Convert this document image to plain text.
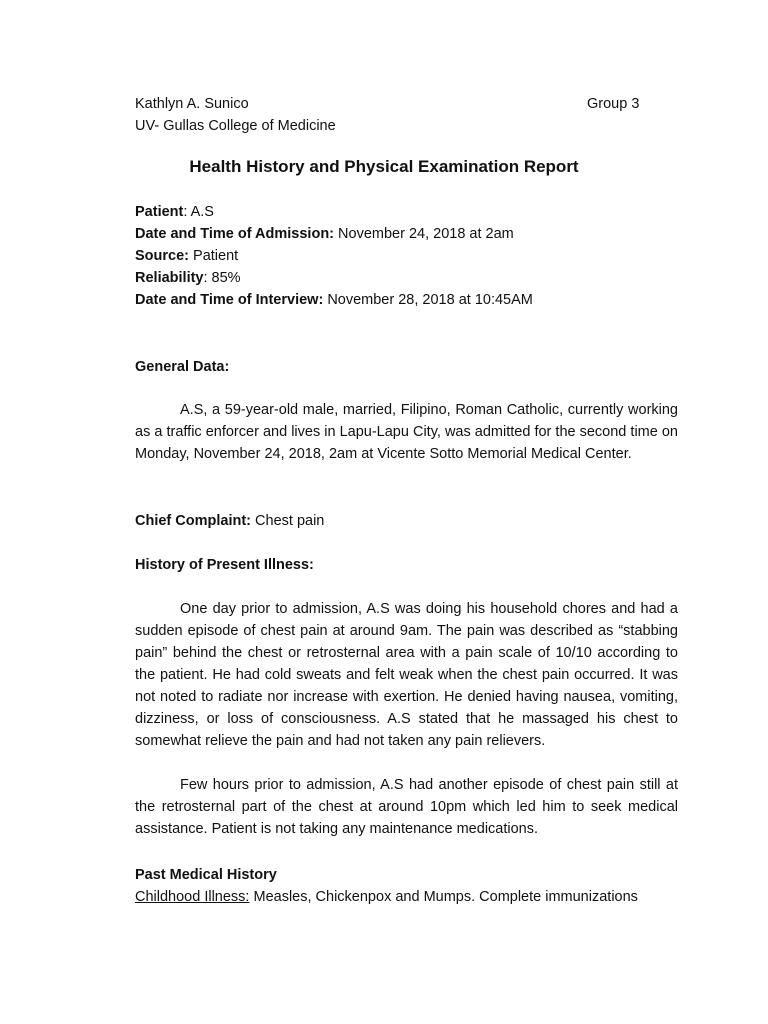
Kathlyn A. Sunico	Group 3
UV- Gullas College of Medicine
Health History and Physical Examination Report
Patient: A.S
Date and Time of Admission: November 24, 2018 at 2am
Source: Patient
Reliability: 85%
Date and Time of Interview: November 28, 2018 at 10:45AM
General Data:

A.S, a 59-year-old male, married, Filipino, Roman Catholic, currently working as a traffic enforcer and lives in Lapu-Lapu City, was admitted for the second time on Monday, November 24, 2018, 2am at Vicente Sotto Memorial Medical Center.

Chief Complaint: Chest pain
History of Present Illness:

One day prior to admission, A.S was doing his household chores and had a sudden episode of chest pain at around 9am. The pain was described as “stabbing pain” behind the chest or retrosternal area with a pain scale of 10/10 according to the patient. He had cold sweats and felt weak when the chest pain occurred. It was not noted to radiate nor increase with exertion. He denied having nausea, vomiting, dizziness, or loss of consciousness. A.S stated that he massaged his chest to somewhat relieve the pain and had not taken any pain relievers.

Few hours prior to admission, A.S had another episode of chest pain still at the retrosternal part of the chest at around 10pm which led him to seek medical assistance. Patient is not taking any maintenance medications.

Past Medical History
Childhood Illness: Measles, Chickenpox and Mumps. Complete immunizations
